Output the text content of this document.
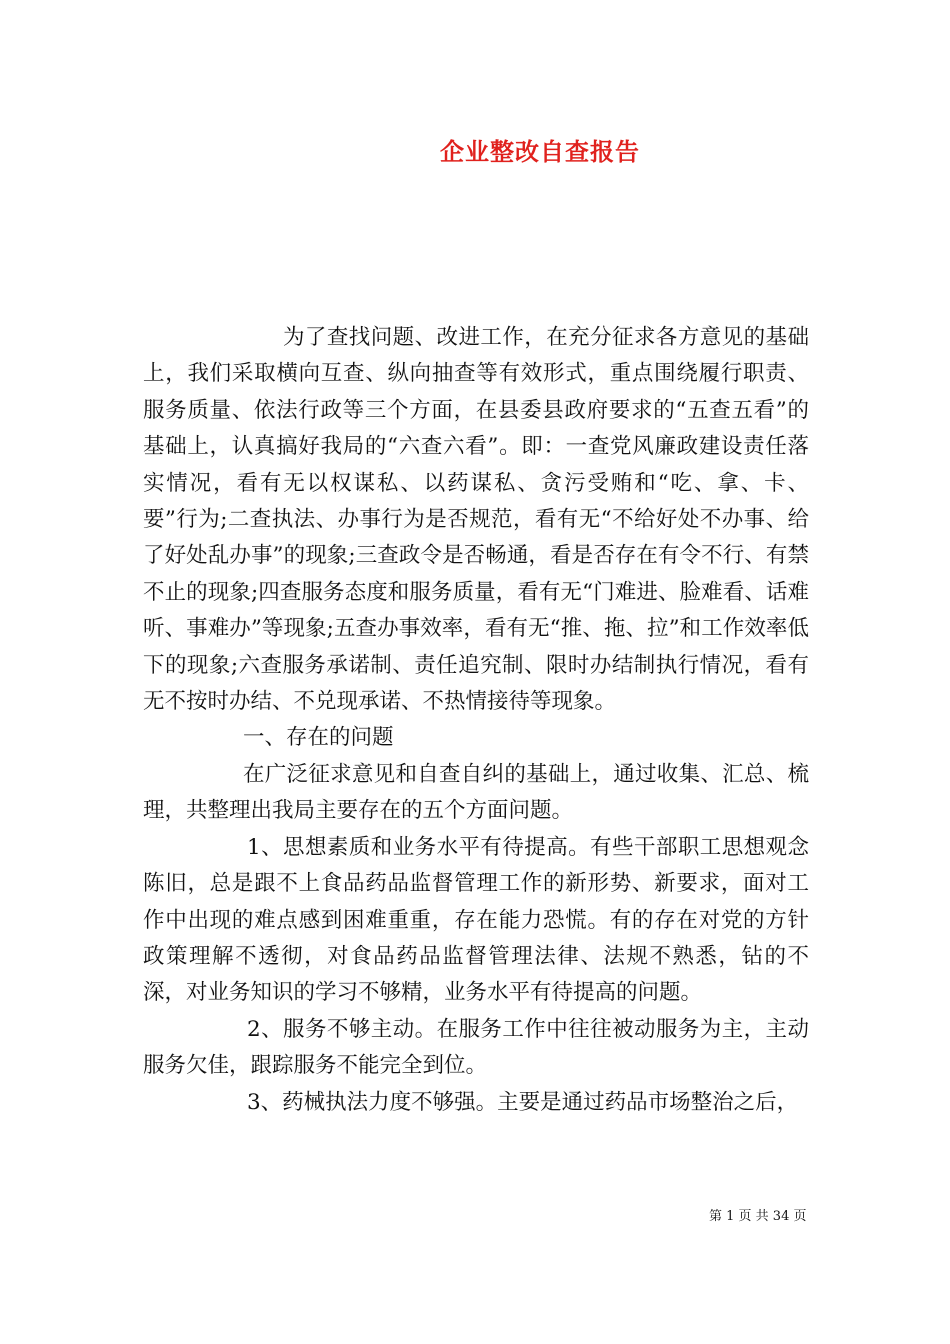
企业整改自查报告

为了查找问题、改进工作，在充分征求各方意见的基础上，我们采取横向互查、纵向抽查等有效形式，重点围绕履行职责、服务质量、依法行政等三个方面，在县委县政府要求的“五查五看”的基础上，认真搞好我局的“六查六看”。即：一查党风廉政建设责任落实情况，看有无以权谋私、以药谋私、贪污受贿和“吃、拿、卡、要”行为;二查执法、办事行为是否规范，看有无“不给好处不办事、给了好处乱办事”的现象;三查政令是否畅通，看是否存在有令不行、有禁不止的现象;四查服务态度和服务质量，看有无“门难进、脸难看、话难听、事难办”等现象;五查办事效率，看有无“推、拖、拉”和工作效率低下的现象;六查服务承诺制、责任追究制、限时办结制执行情况，看有无不按时办结、不兑现承诺、不热情接待等现象。

一、存在的问题

在广泛征求意见和自查自纠的基础上，通过收集、汇总、梳理，共整理出我局主要存在的五个方面问题。

1、思想素质和业务水平有待提高。有些干部职工思想观念陈旧，总是跟不上食品药品监督管理工作的新形势、新要求，面对工作中出现的难点感到困难重重，存在能力恐慌。有的存在对党的方针政策理解不透彻，对食品药品监督管理法律、法规不熟悉，钻的不深，对业务知识的学习不够精，业务水平有待提高的问题。

2、服务不够主动。在服务工作中往往被动服务为主，主动服务欠佳，跟踪服务不能完全到位。

3、药械执法力度不够强。主要是通过药品市场整治之后，

第 1 页 共 34 页
